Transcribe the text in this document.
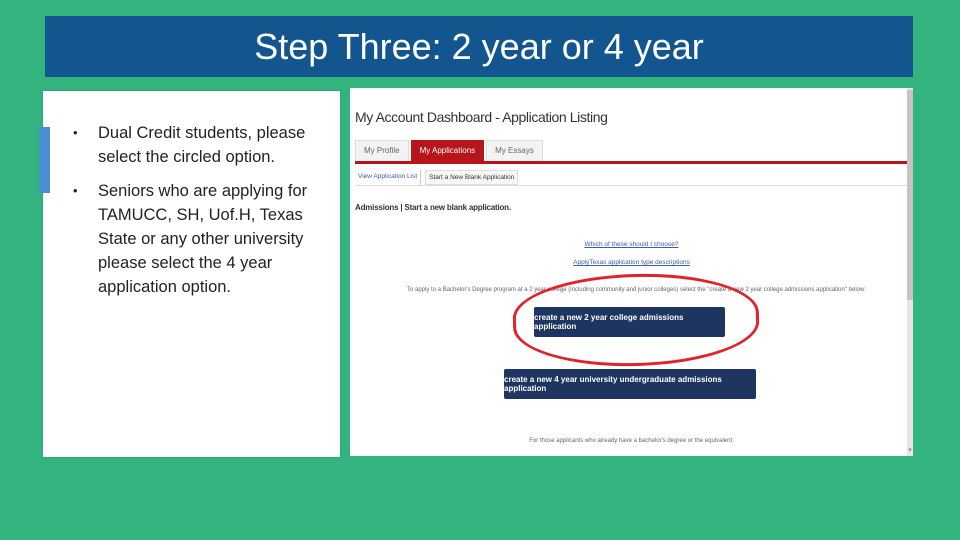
Step Three: 2 year or 4 year
• Dual Credit students, please select the circled option.
• Seniors who are applying for TAMUCC, SH, Uof.H, Texas State or any other university please select the 4 year application option.
▾
My Account Dashboard - Application Listing
My Profile	My Applications	My Essays
View Application List	Start a New Blank Application
Admissions | Start a new blank application.
Which of these should I choose?
ApplyTexas application type descriptions
To apply to a Bachelor's Degree program at a 2 year college (including community and junior colleges) select the "create a new 2 year college admissions application" below:
create a new 2 year college admissions application
create a new 4 year university undergraduate admissions application
For those applicants who already have a bachelor's degree or the equivalent:
